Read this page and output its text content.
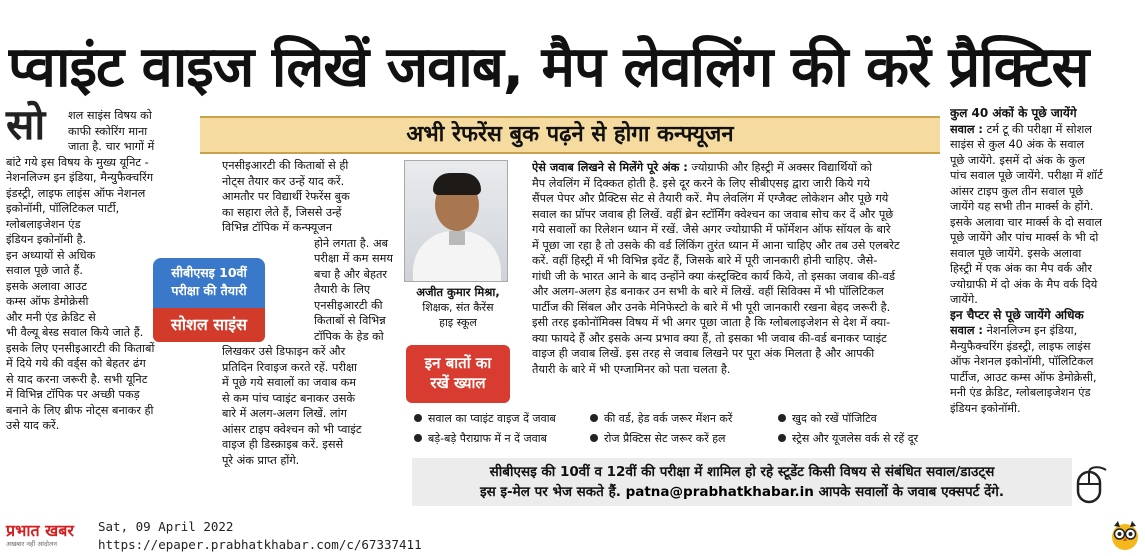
प्वाइंट वाइज लिखें जवाब, मैप लेवलिंग की करें प्रैक्टिस
सो	शल साइंस विषय को

काफी स्कोरिंग माना

जाता है. चार भागों में

बांटे गये इस विषय के मुख्य यूनिट -

नेशनलिज्म इन इंडिया, मैन्युफैक्चरिंग

इंडस्ट्री, लाइफ लाइंस ऑफ नेशनल

इकोनॉमी, पॉलिटिकल पार्टी,

ग्लोबलाइजेशन एंड

इंडियन इकोनॉमी है.

इन अध्यायों से अधिक

सवाल पूछे जाते हैं.

इसके अलावा आउट

कम्स ऑफ डेमोक्रेसी

और मनी एंड क्रेडिट से

भी वैल्यू बेस्ड सवाल किये जाते हैं.

इसके लिए एनसीइआरटी की किताबों

में दिये गये की वर्ड्स को बेहतर ढंग

से याद करना जरूरी है. सभी यूनिट

में विभिन्न टॉपिक पर अच्छी पकड़

बनाने के लिए ब्रीफ नोट्स बनाकर ही

उसे याद करें.

सीबीएसइ 10वीं
परीक्षा की तैयारी
सोशल साइंस
अभी रेफरेंस बुक पढ़ने से होगा कन्फ्यूजन

एनसीइआरटी की किताबों से ही

नोट्स तैयार कर उन्हें याद करें.

आमतौर पर विद्यार्थी रेफरेंस बुक

का सहारा लेते हैं, जिससे उन्हें

विभिन्न टॉपिक में कन्फ्यूजन

होने लगता है. अब

परीक्षा में कम समय

बचा है और बेहतर

तैयारी के लिए

एनसीइआरटी की

किताबों से विभिन्न

टॉपिक के हेड को

लिखकर उसे डिफाइन करें और

प्रतिदिन रिवाइज करते रहें. परीक्षा

में पूछे गये सवालों का जवाब कम

से कम पांच प्वाइंट बनाकर उसके

बारे में अलग-अलग लिखें. लांग

आंसर टाइप क्वेश्चन को भी प्वाइंट

वाइज ही डिस्क्राइब करें. इससे

पूरे अंक प्राप्त होंगे.

अजीत कुमार मिश्रा,
शिक्षक, संत कैरेंस
हाइ स्कूल
इन बातों का
रखें ख्याल

ऐसे जवाब लिखने से मिलेंगे पूरे अंक : ज्योग्राफी और हिस्ट्री में अक्सर विद्यार्थियों को

मैप लेवलिंग में दिक्कत होती है. इसे दूर करने के लिए सीबीएसइ द्वारा जारी किये गये

सैंपल पेपर और प्रैक्टिस सेट से तैयारी करें. मैप लेवलिंग में एग्जैक्ट लोकेशन और पूछे गये

सवाल का प्रॉपर जवाब ही लिखें. वहीं ब्रेन स्टॉर्मिंग क्वेश्चन का जवाब सोच कर दें और पूछे

गये सवालों का रिलेशन ध्यान में रखें. जैसे अगर ज्योग्राफी में फॉर्मेशन ऑफ सॉयल के बारे

में पूछा जा रहा है तो उसके की वर्ड लिंकिंग तुरंत ध्यान में आना चाहिए और तब उसे एलबरेट

करें. वहीं हिस्ट्री में भी विभिन्न इवेंट हैं, जिसके बारे में पूरी जानकारी होनी चाहिए. जैसे-

गांधी जी के भारत आने के बाद उन्होंने क्या कंस्ट्रक्टिव कार्य किये, तो इसका जवाब की-वर्ड

और अलग-अलग हेड बनाकर उन सभी के बारे में लिखें. वहीं सिविक्स में भी पॉलिटिकल

पार्टीज की सिंबल और उनके मेनिफेस्टो के बारे में भी पूरी जानकारी रखना बेहद जरूरी है.

इसी तरह इकोनॉमिक्स विषय में भी अगर पूछा जाता है कि ग्लोबलाइजेशन से देश में क्या-

क्या फायदे हैं और इसके अन्य प्रभाव क्या हैं, तो इसका भी जवाब की-वर्ड बनाकर प्वाइंट

वाइज ही जवाब लिखें. इस तरह से जवाब लिखने पर पूरा अंक मिलता है और आपकी

तैयारी के बारे में भी एग्जामिनर को पता चलता है.

सवाल का प्वाइंट वाइज दें जवाब	की वर्ड, हेड वर्क जरूर मेंशन करें	खुद को रखें पॉजिटिव
बड़े-बड़े पैराग्राफ में न दें जवाब	रोज प्रैक्टिस सेट जरूर करें हल	स्ट्रेस और यूजलेस वर्क से रहें दूर

कुल 40 अंकों के पूछे जायेंगे

सवाल : टर्म टू की परीक्षा में सोशल

साइंस से कुल 40 अंक के सवाल

पूछे जायेंगे. इसमें दो अंक के कुल

पांच सवाल पूछे जायेंगे. परीक्षा में शॉर्ट

आंसर टाइप कुल तीन सवाल पूछे

जायेंगे यह सभी तीन मार्क्स के होंगे.

इसके अलावा चार मार्क्स के दो सवाल

पूछे जायेंगे और पांच मार्क्स के भी दो

सवाल पूछे जायेंगे. इसके अलावा

हिस्ट्री में एक अंक का मैप वर्क और

ज्योग्राफी में दो अंक के मैप वर्क दिये

जायेंगे.

इन चैप्टर से पूछे जायेंगे अधिक

सवाल : नेशनलिज्म इन इंडिया,

मैन्युफैक्चरिंग इंडस्ट्री, लाइफ लाइंस

ऑफ नेशनल इकोनॉमी, पॉलिटिकल

पार्टीज, आउट कम्स ऑफ डेमोक्रेसी,

मनी एंड क्रेडिट, ग्लोबलाइजेशन एंड

इंडियन इकोनॉमी.

सीबीएसइ की 10वीं व 12वीं की परीक्षा में शामिल हो रहे स्टूडेंट किसी विषय से संबंधित सवाल/डाउट्स
इस इ-मेल पर भेज सकते हैं. patna@prabhatkhabar.in आपके सवालों के जवाब एक्सपर्ट देंगे.
प्रभात खबर
अखबार नहीं आंदोलन
Sat, 09 April 2022
https://epaper.prabhatkhabar.com/c/67337411
